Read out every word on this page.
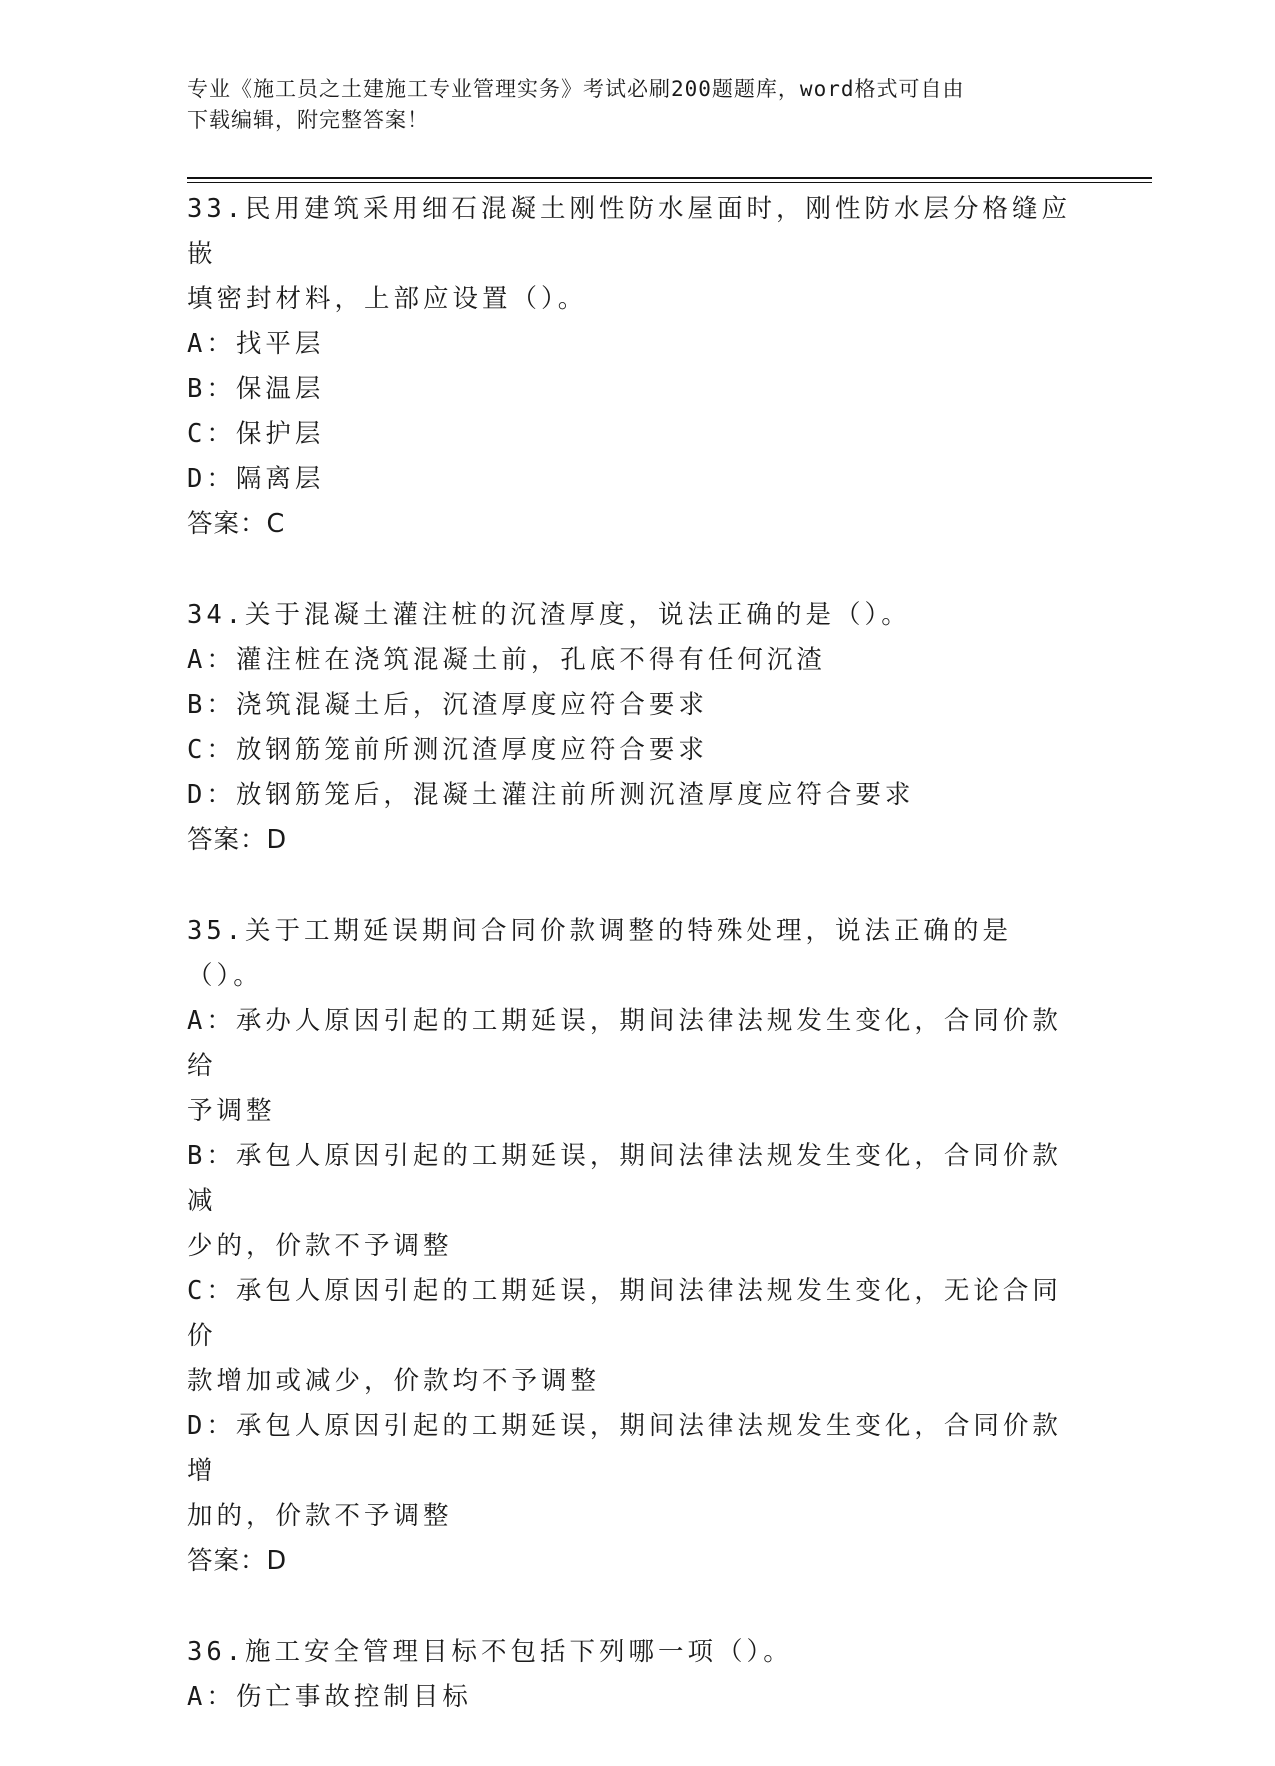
专业《施工员之土建施工专业管理实务》考试必刷200题题库，word格式可自由
下载编辑，附完整答案！
33.民用建筑采用细石混凝土刚性防水屋面时，刚性防水层分格缝应嵌
填密封材料，上部应设置（）。
A：找平层
B：保温层
C：保护层
D：隔离层
答案：C
34.关于混凝土灌注桩的沉渣厚度，说法正确的是（）。
A：灌注桩在浇筑混凝土前，孔底不得有任何沉渣
B：浇筑混凝土后，沉渣厚度应符合要求
C：放钢筋笼前所测沉渣厚度应符合要求
D：放钢筋笼后，混凝土灌注前所测沉渣厚度应符合要求
答案：D
35.关于工期延误期间合同价款调整的特殊处理，说法正确的是（）。
A：承办人原因引起的工期延误，期间法律法规发生变化，合同价款给
予调整
B：承包人原因引起的工期延误，期间法律法规发生变化，合同价款减
少的，价款不予调整
C：承包人原因引起的工期延误，期间法律法规发生变化，无论合同价
款增加或减少，价款均不予调整
D：承包人原因引起的工期延误，期间法律法规发生变化，合同价款增
加的，价款不予调整
答案：D
36.施工安全管理目标不包括下列哪一项（）。
A：伤亡事故控制目标
